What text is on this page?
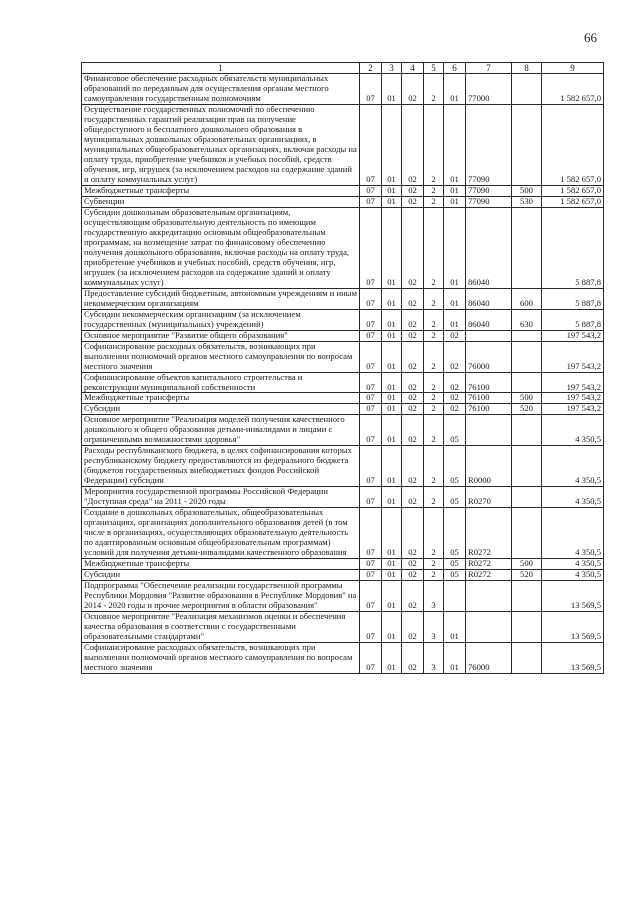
66
1	2	3	4	5	6	7	8	9
Финансовое обеспечение расходных обязательств муниципальных образований по переданным для осуществления органам местного самоуправления государственным полномочиям	07	01	02	2	01	77000		1 582 657,0
Осуществление государственных полномочий по обеспечению государственных гарантий реализации прав на получение общедоступного и бесплатного дошкольного образования в муниципальных дошкольных образовательных организациях, в муниципальных общеобразовательных организациях, включая расходы на оплату труда, приобретение учебников и учебных пособий, средств обучения, игр, игрушек (за исключением расходов на содержание зданий и оплату коммунальных услуг)	07	01	02	2	01	77090		1 582 657,0
Межбюджетные трансферты	07	01	02	2	01	77090	500	1 582 657,0
Субвенции	07	01	02	2	01	77090	530	1 582 657,0
Субсидии дошкольным образовательным организациям, осуществляющим образовательную деятельность по имеющим государственную аккредитацию основным общеобразовательным программам, на возмещение затрат по финансовому обеспечению получения дошкольного образования, включая расходы на оплату труда, приобретение учебников и учебных пособий, средств обучения, игр, игрушек (за исключением расходов на содержание зданий и оплату коммунальных услуг)	07	01	02	2	01	86040		5 887,8
Предоставление субсидий бюджетным, автономным учреждениям и иным некоммерческим организациям	07	01	02	2	01	86040	600	5 887,8
Субсидии некоммерческим организациям (за исключением государственных (муниципальных) учреждений)	07	01	02	2	01	86040	630	5 887,8
Основное мероприятие "Развитие общего образования"	07	01	02	2	02			197 543,2
Софинансирование расходных обязательств, возникающих при выполнении полномочий органов местного самоуправления по вопросам местного значения	07	01	02	2	02	76000		197 543,2
Софинансирование объектов капитального строительства и реконструкции муниципальной собственности	07	01	02	2	02	76100		197 543,2
Межбюджетные трансферты	07	01	02	2	02	76100	500	197 543,2
Субсидии	07	01	02	2	02	76100	520	197 543,2
Основное мероприятие "Реализация моделей получения качественного дошкольного и общего образования детьми-инвалидами и лицами с ограниченными возможностями здоровья"	07	01	02	2	05			4 350,5
Расходы республиканского бюджета, в целях софинансирования которых республиканскому бюджету предоставляются из федерального бюджета (бюджетов государственных внебюджетных фондов Российской Федерации) субсидии	07	01	02	2	05	R0000		4 350,5
Мероприятия государственной программы Российской Федерации "Доступная среда" на 2011 - 2020 годы	07	01	02	2	05	R0270		4 350,5
Создание в дошкольных образовательных, общеобразовательных организациях, организациях дополнительного образования детей (в том числе в организациях, осуществляющих образовательную деятельность по адаптированным основным общеобразовательным программам) условий для получения детьми-инвалидами качественного образования	07	01	02	2	05	R0272		4 350,5
Межбюджетные трансферты	07	01	02	2	05	R0272	500	4 350,5
Субсидии	07	01	02	2	05	R0272	520	4 350,5
Подпрограмма "Обеспечение реализации государственной программы Республики Мордовия "Развитие образования в Республике Мордовия" на 2014 - 2020 годы и прочие мероприятия в области образования"	07	01	02	3				13 569,5
Основное мероприятие "Реализация механизмов оценки и обеспечения качества образования в соответствии с государственными образовательными стандартами"	07	01	02	3	01			13 569,5
Софинансирование расходных обязательств, возникающих при выполнении полномочий органов местного самоуправления по вопросам местного значения	07	01	02	3	01	76000		13 569,5
